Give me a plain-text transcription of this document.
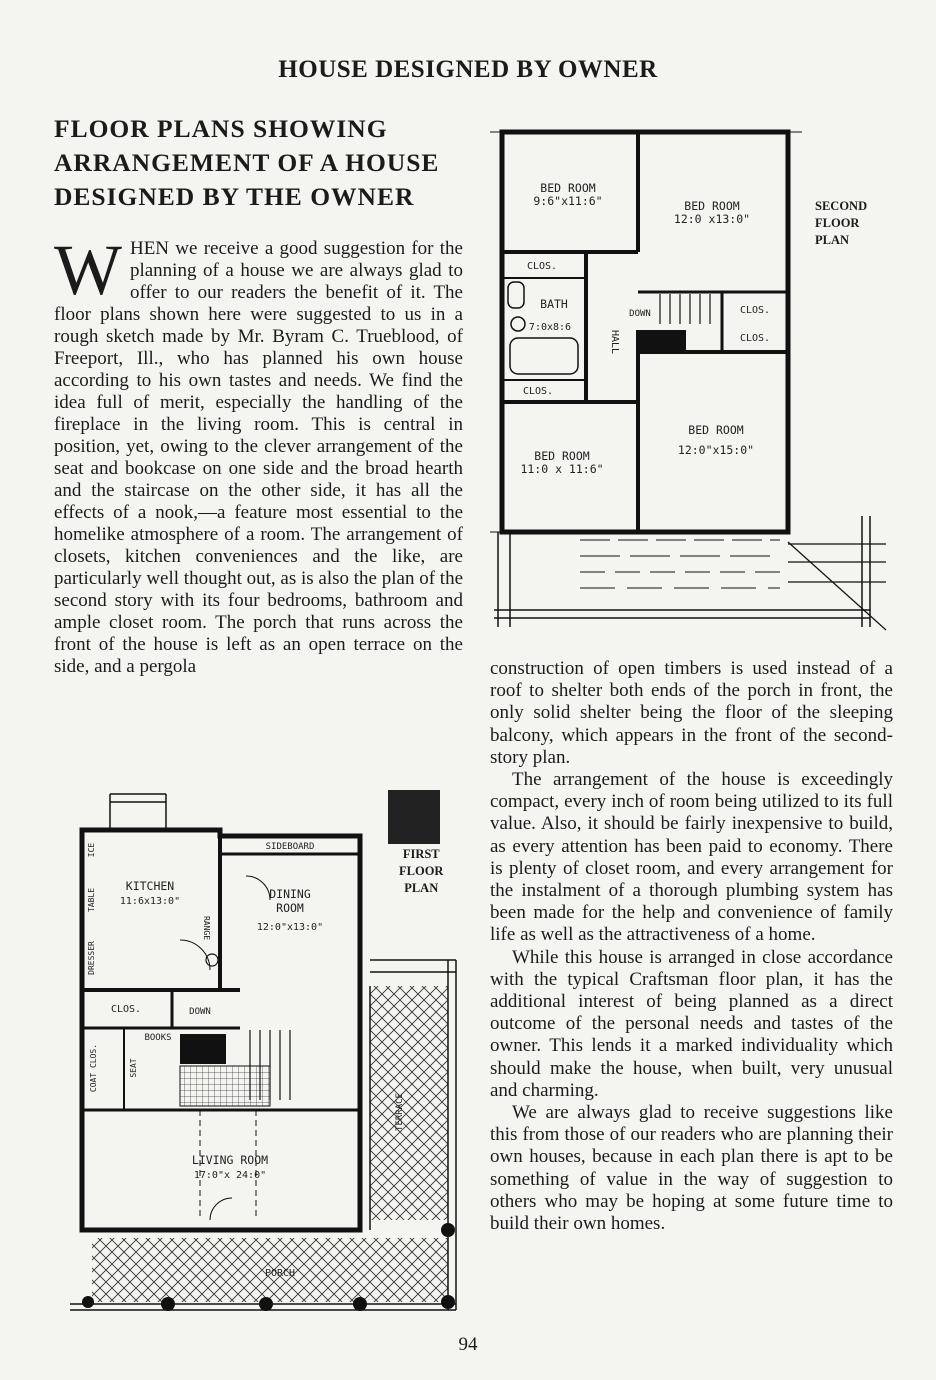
HOUSE DESIGNED BY OWNER
FLOOR PLANS SHOWING
ARRANGEMENT OF A HOUSE
DESIGNED BY THE OWNER

WHEN we receive a good suggestion for the planning of a house we are always glad to offer to our readers the benefit of it. The floor plans shown here were suggested to us in a rough sketch made by Mr. Byram C. Trueblood, of Freeport, Ill., who has planned his own house according to his own tastes and needs. We find the idea full of merit, especially the handling of the fireplace in the living room. This is central in position, yet, owing to the clever arrangement of the seat and bookcase on one side and the broad hearth and the staircase on the other side, it has all the effects of a nook,—a feature most essential to the homelike atmosphere of a room. The arrangement of closets, kitchen conveniences and the like, are particularly well thought out, as is also the plan of the second story with its four bedrooms, bathroom and ample closet room. The porch that runs across the front of the house is left as an open terrace on the side, and a pergola

BED ROOM
9:6"x11:6"	BED ROOM
12:0 x13:0"
BED ROOM
11:0 x 11:6"
BED ROOM
12:0"x15:0"
BATH
7:0x8:6
CLOS.
CLOS.
CLOS.
CLOS.
DOWN
HALL
SECOND
FLOOR
PLAN

construction of open timbers is used instead of a roof to shelter both ends of the porch in front, the only solid shelter being the floor of the sleeping balcony, which appears in the front of the second-story plan.

The arrangement of the house is exceedingly compact, every inch of room being utilized to its full value. Also, it should be fairly inexpensive to build, as every attention has been paid to economy. There is plenty of closet room, and every arrangement for the instalment of a thorough plumbing system has been made for the help and convenience of family life as well as the attractiveness of a home.

While this house is arranged in close accordance with the typical Craftsman floor plan, it has the additional interest of being planned as a direct outcome of the personal needs and tastes of the owner. This lends it a marked individuality which should make the house, when built, very unusual and charming.

We are always glad to receive suggestions like this from those of our readers who are planning their own houses, because in each plan there is apt to be something of value in the way of suggestion to others who may be hoping at some future time to build their own homes.

KITCHEN
11:6x13:0"
DINING
ROOM
12:0"x13:0"
LIVING ROOM
17:0"x 24:0"
SIDEBOARD
CLOS.	DOWN
BOOKS
PORCH
ICE
TABLE
DRESSER
RANGE
COAT CLOS.	SEAT
TERRACE
FIRST
FLOOR
PLAN
94
